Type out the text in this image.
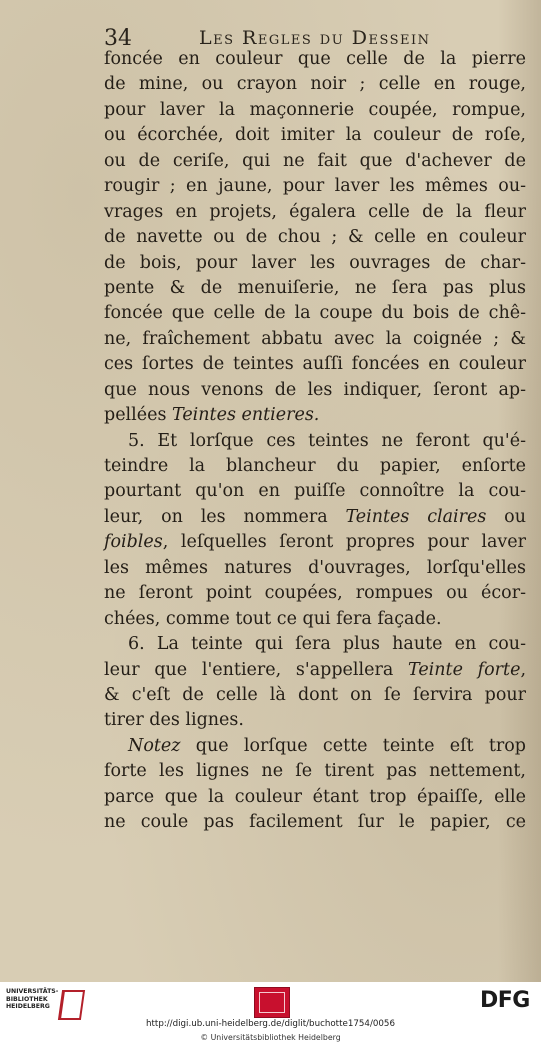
34	Les Regles du Dessein
foncée en couleur que celle de la pierre
de mine, ou crayon noir ; celle en rouge,
pour laver la maçonnerie coupée, rompue,
ou écorchée, doit imiter la couleur de roſe,
ou de ceriſe, qui ne fait que d'achever de
rougir ; en jaune, pour laver les mêmes ou-
vrages en projets, égalera celle de la fleur
de navette ou de chou ; & celle en couleur
de bois, pour laver les ouvrages de char-
pente & de menuiſerie, ne ſera pas plus
foncée que celle de la coupe du bois de chê-
ne, fraîchement abbatu avec la coignée ; &
ces ſortes de teintes auſſi foncées en couleur
que nous venons de les indiquer, ſeront ap-
pellées Teintes entieres.
5. Et lorſque ces teintes ne feront qu'é-
teindre la blancheur du papier, enſorte
pourtant qu'on en puiſſe connoître la cou-
leur, on les nommera Teintes claires ou
foibles, leſquelles ſeront propres pour laver
les mêmes natures d'ouvrages, lorſqu'elles
ne ſeront point coupées, rompues ou écor-
chées, comme tout ce qui fera façade.
6. La teinte qui ſera plus haute en cou-
leur que l'entiere, s'appellera Teinte forte,
& c'eſt de celle là dont on ſe ſervira pour
tirer des lignes.
Notez que lorſque cette teinte eſt trop
forte les lignes ne ſe tirent pas nettement,
parce que la couleur étant trop épaiſſe, elle
ne coule pas facilement ſur le papier, ce
UNIVERSITÄTS-
BIBLIOTHEK
HEIDELBERG	DFG
http://digi.ub.uni-heidelberg.de/diglit/buchotte1754/0056
© Universitätsbibliothek Heidelberg
